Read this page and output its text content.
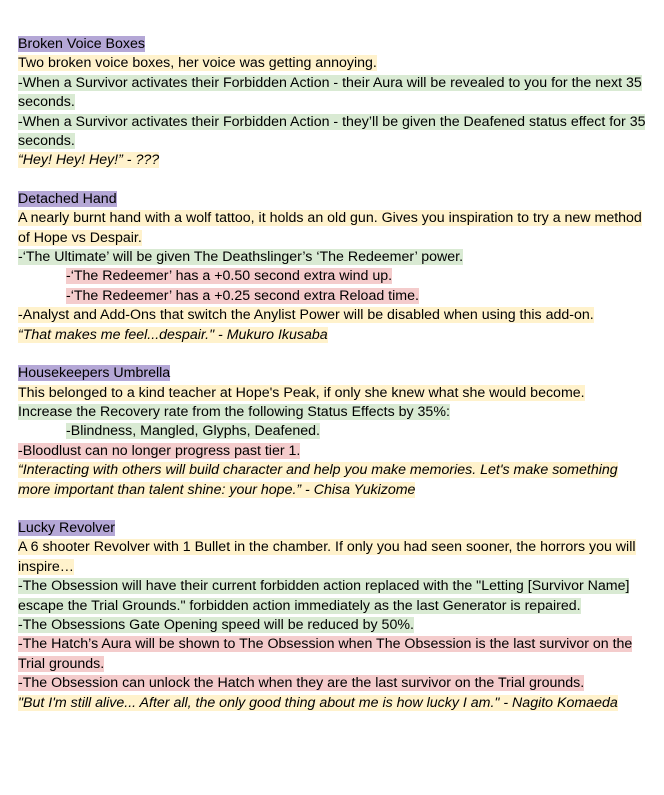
Broken Voice Boxes

Two broken voice boxes, her voice was getting annoying.

-When a Survivor activates their Forbidden Action - their Aura will be revealed to you for the next 35 seconds.

-When a Survivor activates their Forbidden Action - they’ll be given the Deafened status effect for 35 seconds.

“Hey! Hey! Hey!” - ???

Detached Hand

A nearly burnt hand with a wolf tattoo, it holds an old gun. Gives you inspiration to try a new method of Hope vs Despair.

-‘The Ultimate’ will be given The Deathslinger’s ‘The Redeemer’ power.

-‘The Redeemer’ has a +0.50 second extra wind up.

-‘The Redeemer’ has a +0.25 second extra Reload time.

-Analyst and Add-Ons that switch the Anylist Power will be disabled when using this add-on.

“That makes me feel...despair." - Mukuro Ikusaba

Housekeepers Umbrella

This belonged to a kind teacher at Hope's Peak, if only she knew what she would become.

Increase the Recovery rate from the following Status Effects by 35%:

-Blindness, Mangled, Glyphs, Deafened.

-Bloodlust can no longer progress past tier 1.

“Interacting with others will build character and help you make memories. Let's make something more important than talent shine: your hope.” - Chisa Yukizome

Lucky Revolver

A 6 shooter Revolver with 1 Bullet in the chamber. If only you had seen sooner, the horrors you will inspire…

-The Obsession will have their current forbidden action replaced with the "Letting [Survivor Name] escape the Trial Grounds." forbidden action immediately as the last Generator is repaired.

-The Obsessions Gate Opening speed will be reduced by 50%.

-The Hatch’s Aura will be shown to The Obsession when The Obsession is the last survivor on the Trial grounds.

-The Obsession can unlock the Hatch when they are the last survivor on the Trial grounds.

"But I'm still alive... After all, the only good thing about me is how lucky I am." - Nagito Komaeda
